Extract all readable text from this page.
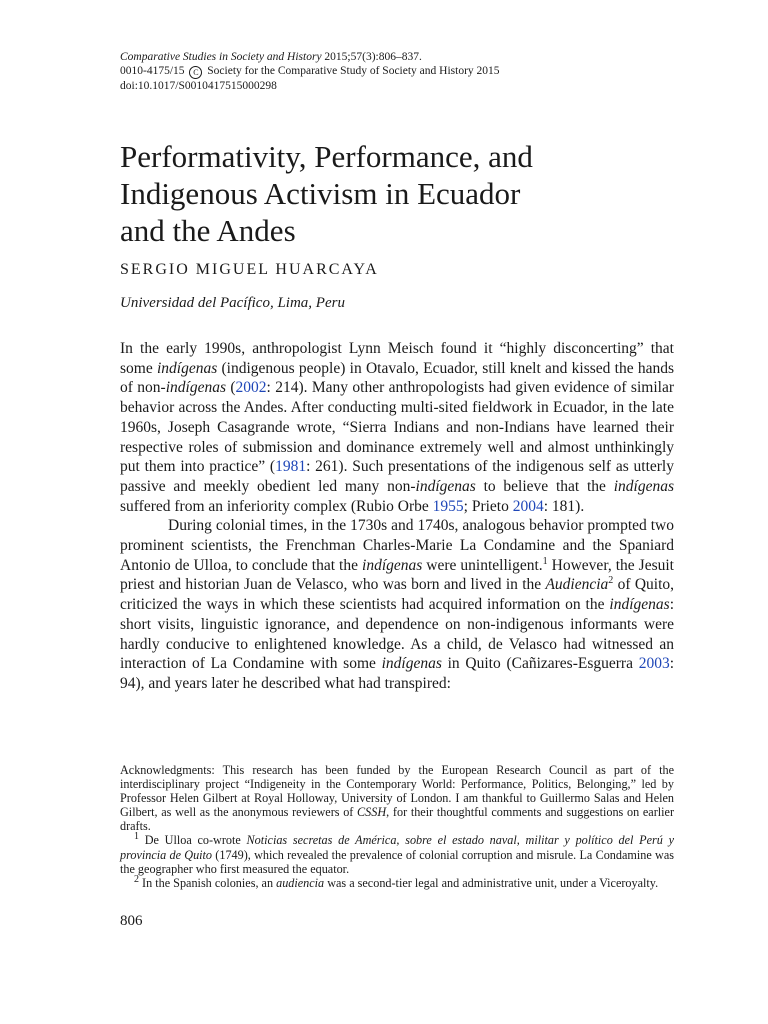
Comparative Studies in Society and History 2015;57(3):806–837.
0010-4175/15 C Society for the Comparative Study of Society and History 2015
doi:10.1017/S0010417515000298
Performativity, Performance, and
Indigenous Activism in Ecuador
and the Andes
SERGIO MIGUEL HUARCAYA
Universidad del Pacífico, Lima, Peru

In the early 1990s, anthropologist Lynn Meisch found it “highly disconcerting” that some indígenas (indigenous people) in Otavalo, Ecuador, still knelt and kissed the hands of non-indígenas (2002: 214). Many other anthropologists had given evidence of similar behavior across the Andes. After conducting multi-sited fieldwork in Ecuador, in the late 1960s, Joseph Casagrande wrote, “Sierra Indians and non-Indians have learned their respective roles of submission and dominance extremely well and almost unthinkingly put them into practice” (1981: 261). Such presentations of the indigenous self as utterly passive and meekly obedient led many non-indígenas to believe that the indígenas suffered from an inferiority complex (Rubio Orbe 1955; Prieto 2004: 181).

During colonial times, in the 1730s and 1740s, analogous behavior prompted two prominent scientists, the Frenchman Charles-Marie La Condamine and the Spaniard Antonio de Ulloa, to conclude that the indígenas were unintelligent.$^1$ However, the Jesuit priest and historian Juan de Velasco, who was born and lived in the Audiencia$^2$ of Quito, criticized the ways in which these scientists had acquired information on the indígenas: short visits, linguistic ignorance, and dependence on non-indigenous informants were hardly conducive to enlightened knowledge. As a child, de Velasco had witnessed an interaction of La Condamine with some indígenas in Quito (Cañizares-Esguerra 2003: 94), and years later he described what had transpired:

Acknowledgments: This research has been funded by the European Research Council as part of the interdisciplinary project “Indigeneity in the Contemporary World: Performance, Politics, Belonging,” led by Professor Helen Gilbert at Royal Holloway, University of London. I am thankful to Guillermo Salas and Helen Gilbert, as well as the anonymous reviewers of CSSH, for their thoughtful comments and suggestions on earlier drafts.

$^1$ De Ulloa co-wrote Noticias secretas de América, sobre el estado naval, militar y político del Perú y provincia de Quito (1749), which revealed the prevalence of colonial corruption and misrule. La Condamine was the geographer who first measured the equator.

$^2$ In the Spanish colonies, an audiencia was a second-tier legal and administrative unit, under a Viceroyalty.

806
